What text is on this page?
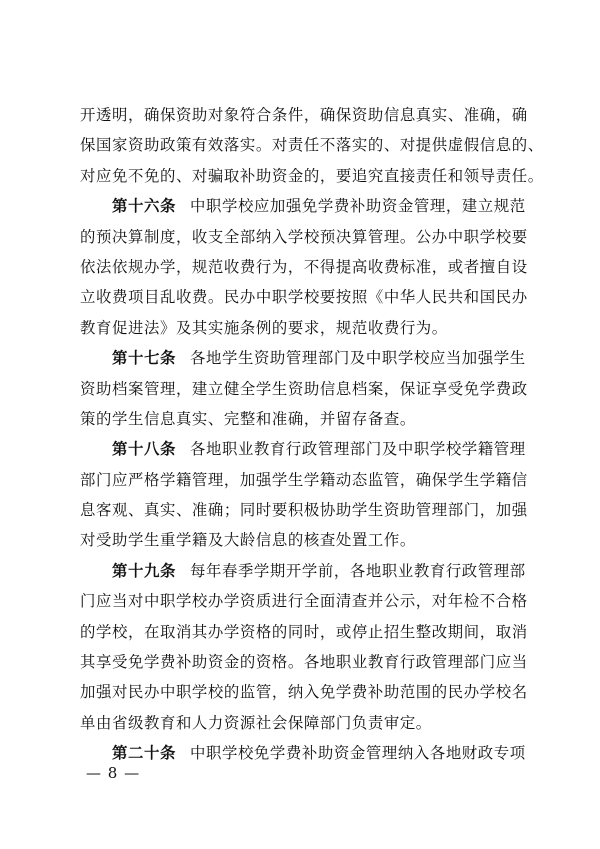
开透明，确保资助对象符合条件，确保资助信息真实、准确，确
保国家资助政策有效落实。对责任不落实的、对提供虚假信息的、
对应免不免的、对骗取补助资金的，要追究直接责任和领导责任。
第十六条 中职学校应加强免学费补助资金管理，建立规范
的预决算制度，收支全部纳入学校预决算管理。公办中职学校要
依法依规办学，规范收费行为，不得提高收费标准，或者擅自设
立收费项目乱收费。民办中职学校要按照《中华人民共和国民办
教育促进法》及其实施条例的要求，规范收费行为。
第十七条 各地学生资助管理部门及中职学校应当加强学生
资助档案管理，建立健全学生资助信息档案，保证享受免学费政
策的学生信息真实、完整和准确，并留存备查。
第十八条 各地职业教育行政管理部门及中职学校学籍管理
部门应严格学籍管理，加强学生学籍动态监管，确保学生学籍信
息客观、真实、准确；同时要积极协助学生资助管理部门，加强
对受助学生重学籍及大龄信息的核查处置工作。
第十九条 每年春季学期开学前，各地职业教育行政管理部
门应当对中职学校办学资质进行全面清查并公示，对年检不合格
的学校，在取消其办学资格的同时，或停止招生整改期间，取消
其享受免学费补助资金的资格。各地职业教育行政管理部门应当
加强对民办中职学校的监管，纳入免学费补助范围的民办学校名
单由省级教育和人力资源社会保障部门负责审定。
第二十条 中职学校免学费补助资金管理纳入各地财政专项
— 8 —
